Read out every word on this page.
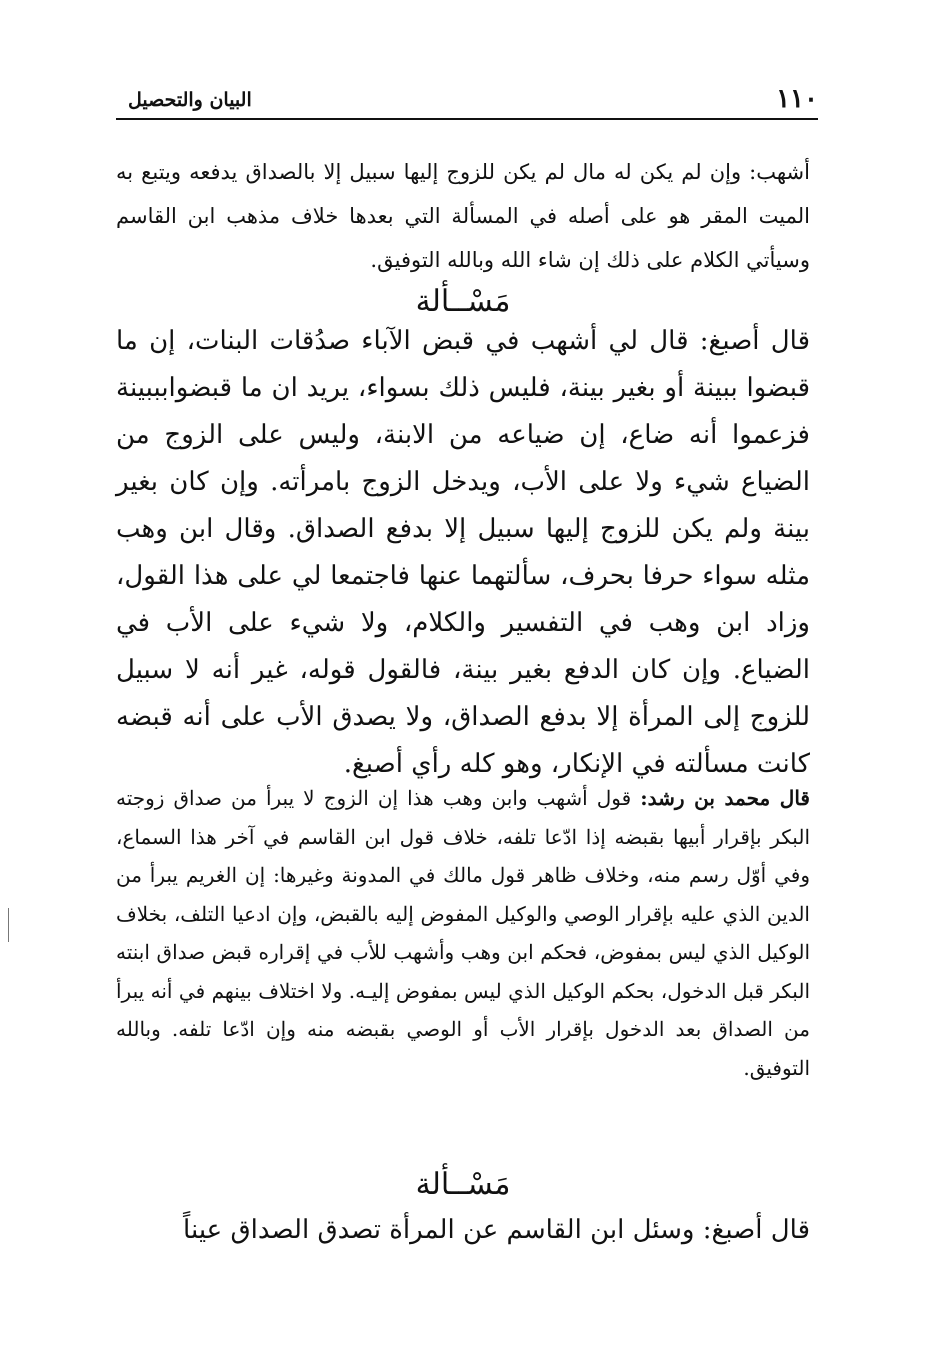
١١٠
البيان والتحصيل

أشهب: وإن لم يكن له مال لم يكن للزوج إليها سبيل إلا بالصداق يدفعه ويتبع به الميت المقر هو على أصله في المسألة التي بعدها خلاف مذهب ابن القاسم وسيأتي الكلام على ذلك إن شاء الله وبالله التوفيق.

مَسْــألة

قال أصبغ: قال لي أشهب في قبض الآباء صدُقات البنات، إن ما قبضوا ببينة أو بغير بينة، فليس ذلك بسواء، يريد ان ما قبضوابببينة فزعموا أنه ضاع، إن ضياعه من الابنة، وليس على الزوج من الضياع شيء ولا على الأب، ويدخل الزوج بامرأته. وإن كان بغير بينة ولم يكن للزوج إليها سبيل إلا بدفع الصداق. وقال ابن وهب مثله سواء حرفا بحرف، سألتهما عنها فاجتمعا لي على هذا القول، وزاد ابن وهب في التفسير والكلام، ولا شيء على الأب في الضياع. وإن كان الدفع بغير بينة، فالقول قوله، غير أنه لا سبيل للزوج إلى المرأة إلا بدفع الصداق، ولا يصدق الأب على أنه قبضه كانت مسألته في الإنكار، وهو كله رأي أصبغ.

قال محمد بن رشد: قول أشهب وابن وهب هذا إن الزوج لا يبرأ من صداق زوجته البكر بإقرار أبيها بقبضه إذا ادّعا تلفه، خلاف قول ابن القاسم في آخر هذا السماع، وفي أوّل رسم منه، وخلاف ظاهر قول مالك في المدونة وغيرها: إن الغريم يبرأ من الدين الذي عليه بإقرار الوصي والوكيل المفوض إليه بالقبض، وإن ادعيا التلف، بخلاف الوكيل الذي ليس بمفوض، فحكم ابن وهب وأشهب للأب في إقراره قبض صداق ابنته البكر قبل الدخول، بحكم الوكيل الذي ليس بمفوض إليـه. ولا اختلاف بينهم في أنه يبرأ من الصداق بعد الدخول بإقرار الأب أو الوصي بقبضه منه وإن ادّعا تلفه. وبالله التوفيق.

مَسْــألة

قال أصبغ: وسئل ابن القاسم عن المرأة تصدق الصداق عيناً
